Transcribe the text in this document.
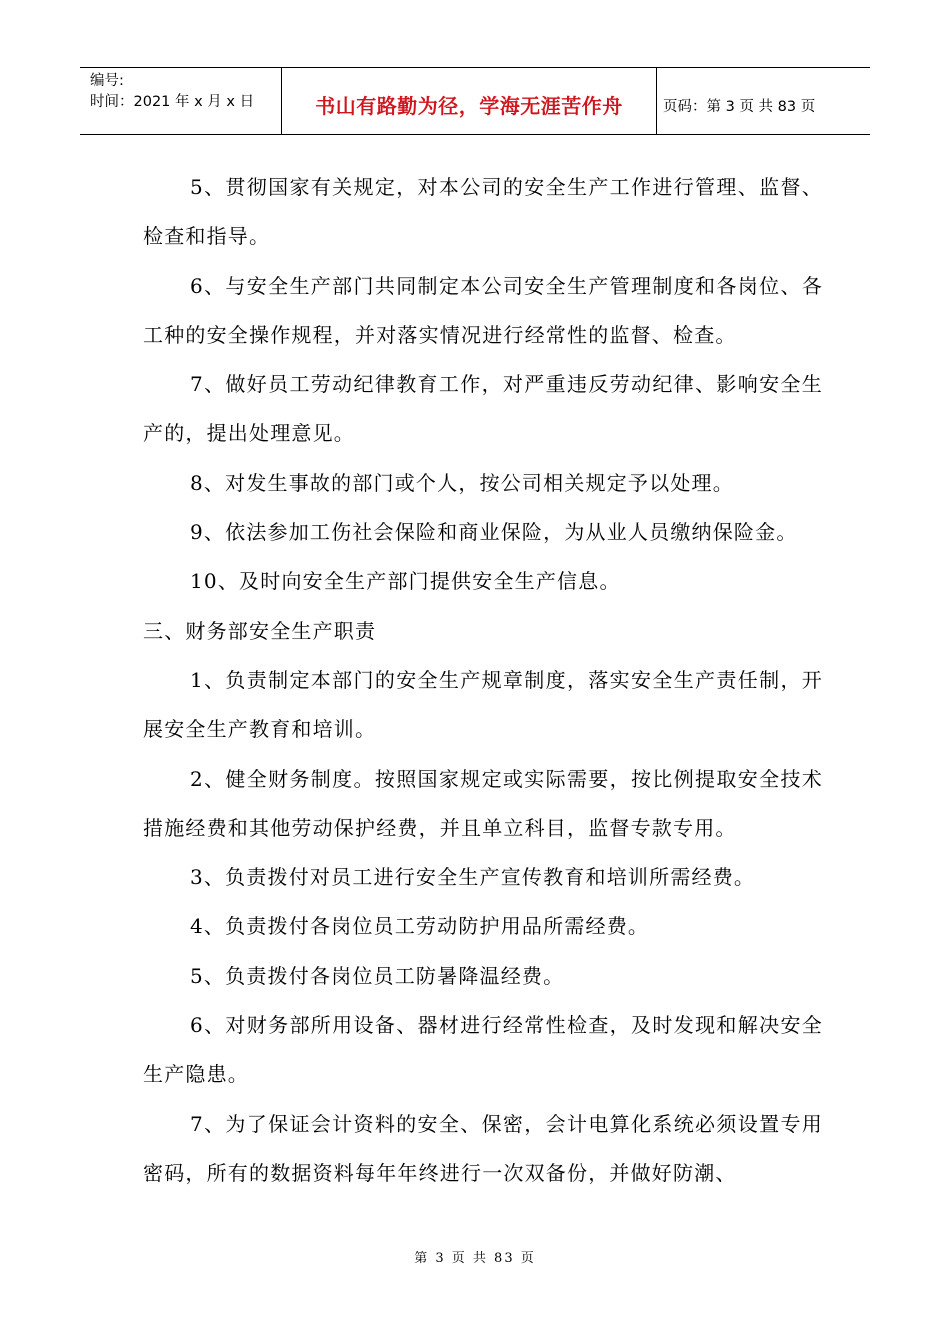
编号:
时间：2021 年 x 月 x 日	书山有路勤为径，学海无涯苦作舟	页码：第 3 页 共 83 页

5、贯彻国家有关规定，对本公司的安全生产工作进行管理、监督、检查和指导。

6、与安全生产部门共同制定本公司安全生产管理制度和各岗位、各工种的安全操作规程，并对落实情况进行经常性的监督、检查。

7、做好员工劳动纪律教育工作，对严重违反劳动纪律、影响安全生产的，提出处理意见。

8、对发生事故的部门或个人，按公司相关规定予以处理。

9、依法参加工伤社会保险和商业保险，为从业人员缴纳保险金。

10、及时向安全生产部门提供安全生产信息。

三、财务部安全生产职责

1、负责制定本部门的安全生产规章制度，落实安全生产责任制，开展安全生产教育和培训。

2、健全财务制度。按照国家规定或实际需要，按比例提取安全技术措施经费和其他劳动保护经费，并且单立科目，监督专款专用。

3、负责拨付对员工进行安全生产宣传教育和培训所需经费。

4、负责拨付各岗位员工劳动防护用品所需经费。

5、负责拨付各岗位员工防暑降温经费。

6、对财务部所用设备、器材进行经常性检查，及时发现和解决安全生产隐患。

7、为了保证会计资料的安全、保密，会计电算化系统必须设置专用密码，所有的数据资料每年年终进行一次双备份，并做好防潮、

第 3 页 共 83 页
